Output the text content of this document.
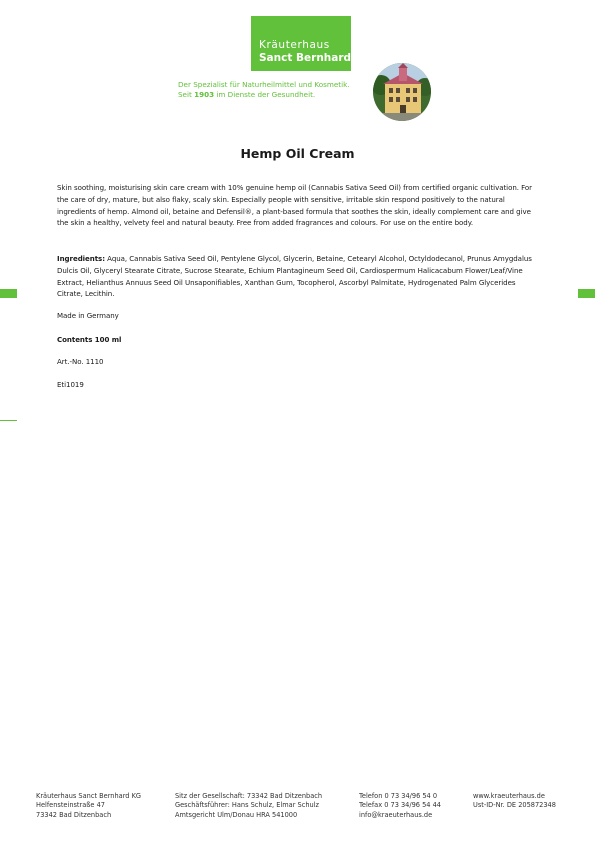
Kräuterhaus
Sanct Bernhard
Der Spezialist für Naturheilmittel und Kosmetik.
Seit 1903 im Dienste der Gesundheit.
Hemp Oil Cream
Skin soothing, moisturising skin care cream with 10% genuine hemp oil (Cannabis Sativa Seed Oil) from certified organic cultivation. For the care of dry, mature, but also flaky, scaly skin. Especially people with sensitive, irritable skin respond positively to the natural ingredients of hemp. Almond oil, betaine and Defensil®, a plant-based formula that soothes the skin, ideally complement care and give the skin a healthy, velvety feel and natural beauty. Free from added fragrances and colours. For use on the entire body.
Ingredients: Aqua, Cannabis Sativa Seed Oil, Pentylene Glycol, Glycerin, Betaine, Cetearyl Alcohol, Octyldodecanol, Prunus Amygdalus Dulcis Oil, Glyceryl Stearate Citrate, Sucrose Stearate, Echium Plantagineum Seed Oil, Cardiospermum Halicacabum Flower/Leaf/Vine Extract, Helianthus Annuus Seed Oil Unsaponifiables, Xanthan Gum, Tocopherol, Ascorbyl Palmitate, Hydrogenated Palm Glycerides Citrate, Lecithin.
Made in Germany
Contents 100 ml
Art.-No. 1110
Eti1019
Kräuterhaus Sanct Bernhard KG
Helfensteinstraße 47
73342 Bad Ditzenbach
Sitz der Gesellschaft: 73342 Bad Ditzenbach
Geschäftsführer: Hans Schulz, Elmar Schulz
Amtsgericht Ulm/Donau HRA 541000
Telefon 0 73 34/96 54 0
Telefax 0 73 34/96 54 44
info@kraeuterhaus.de
www.kraeuterhaus.de
Ust-ID-Nr. DE 205872348
